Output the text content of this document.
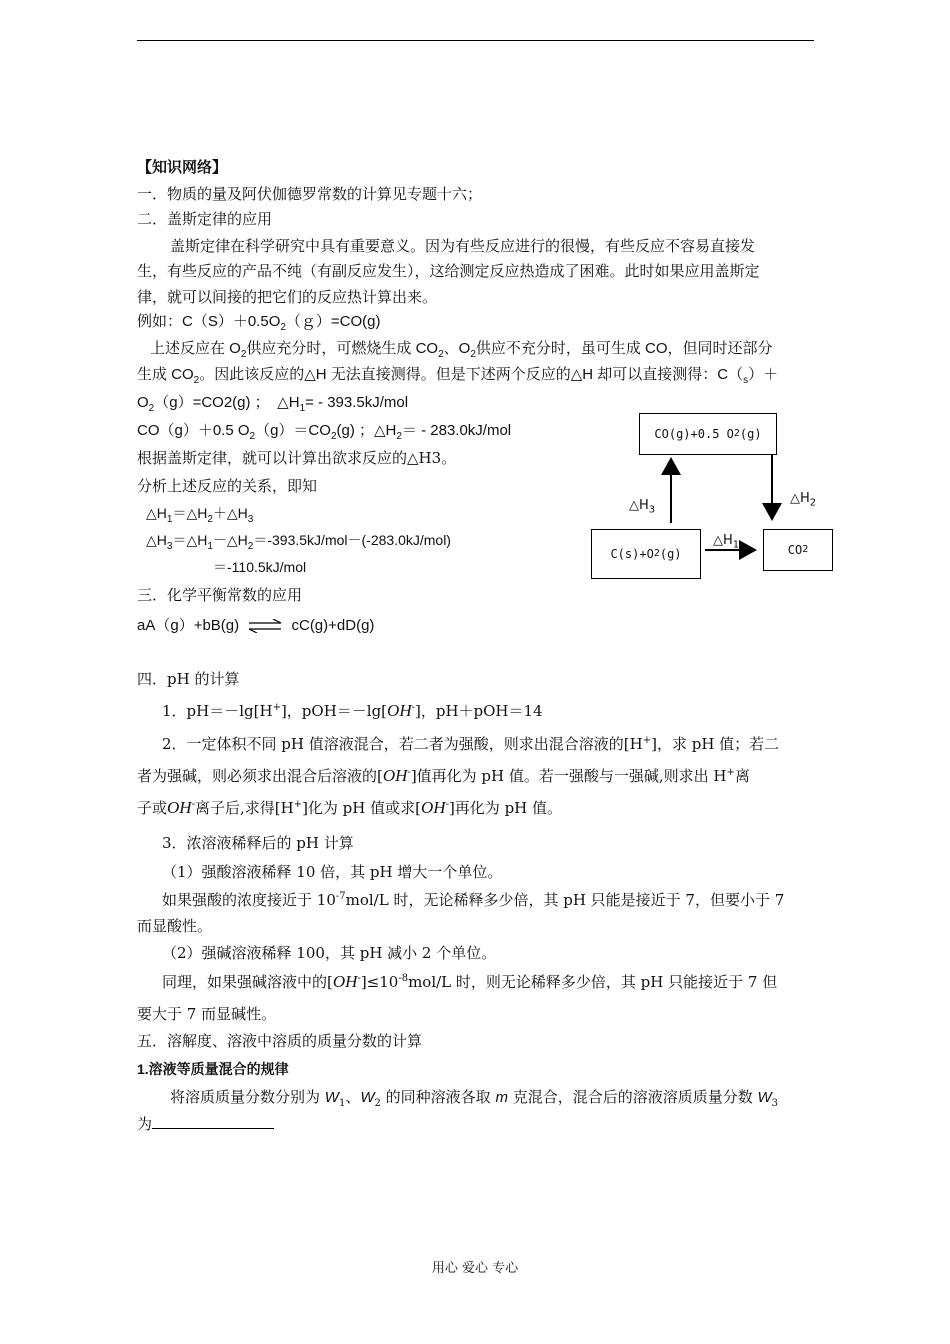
【知识网络】
一．物质的量及阿伏伽德罗常数的计算见专题十六；
二．盖斯定律的应用
盖斯定律在科学研究中具有重要意义。因为有些反应进行的很慢，有些反应不容易直接发
生，有些反应的产品不纯（有副反应发生），这给测定反应热造成了困难。此时如果应用盖斯定
律，就可以间接的把它们的反应热计算出来。
例如：$C(S)+0.5O_2(g)=CO(g)$
上述反应在 $O_2$供应充分时，可燃烧生成 $CO_2$、$O_2$供应不充分时，虽可生成 CO，但同时还部分
生成 $CO_2$。因此该反应的△H 无法直接测得。但是下述两个反应的△H 却可以直接测得：$C(_s)+$
$O_2(g)=CO2(g)$ ；　$\triangle H_1= - 393.5kJ/mol$
CO（g）＋0.5 $O_2(g)=CO_2(g)$ ；$\triangle H_2= - 283.0kJ/mol$
根据盖斯定律，就可以计算出欲求反应的△H3。
分析上述反应的关系，即知
$\triangle H_1=\triangle H_2+\triangle H_3$
$\triangle H_3=\triangle H_1-\triangle H_2=-393.5kJ/mol-(-283.0kJ/mol)$
＝-110.5kJ/mol
CO(g)+0.5 O 2 (g)
C(s)+O 2 (g)	CO 2
$\triangle H_3$
$\triangle H_2$
$\triangle H_1$
三．化学平衡常数的应用
aA（g）+bB(g) ⇌ cC(g)+dD(g)
四．pH 的计算
1．pH＝－lg[H+]，pOH＝－lg[OH-]，pH＋pOH＝14
2．一定体积不同 pH 值溶液混合，若二者为强酸，则求出混合溶液的[H+]，求 pH 值；若二
者为强碱，则必须求出混合后溶液的[OH-]值再化为 pH 值。若一强酸与一强碱,则求出 H+离
子或OH-离子后,求得[H+]化为 pH 值或求[OH-]再化为 pH 值。
3．浓溶液稀释后的 pH 计算
（1）强酸溶液稀释 10 倍，其 pH 增大一个单位。
如果强酸的浓度接近于 $10^{-7}mol/L$ 时，无论稀释多少倍，其 pH 只能是接近于 7，但要小于 7
而显酸性。
（2）强碱溶液稀释 100，其 pH 减小 2 个单位。
同理，如果强碱溶液中的$[OH^-]\le 10^{-8}mol/L$ 时，则无论稀释多少倍，其 pH 只能接近于 7 但
要大于 7 而显碱性。
五．溶解度、溶液中溶质的质量分数的计算
1.溶液等质量混合的规律
将溶质质量分数分别为 $W_1$、$W_2$ 的同种溶液各取 m 克混合，混合后的溶液溶质质量分数 $W_3$
为
用心 爱心 专心
